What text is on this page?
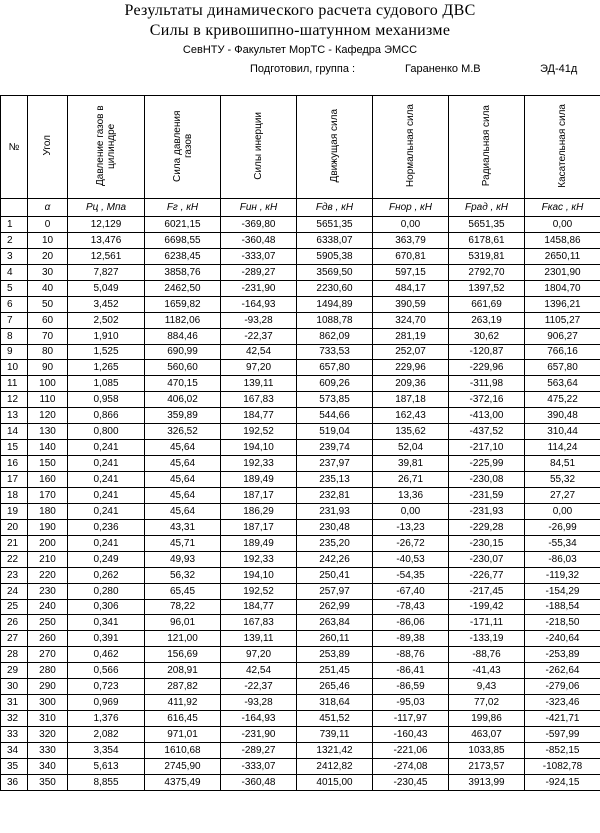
Результаты динамического расчета судового ДВС
Силы в кривошипно-шатунном механизме
СевНТУ - Факультет МорТС - Кафедра ЭМСС
Подготовил, группа :	Гараненко М.В	ЭД-41д
№	Угол	Давление газов в цилиндре	Сила давления газов	Силы инерции	Движущая сила	Нормальная сила	Радиальная сила	Касательная сила
	α	Pц , Мпа	Fг , кН	Fин , кН	Fдв , кН	Fнор , кН	Fрад , кН	Fкас , кН
1	0	12,129	6021,15	-369,80	5651,35	0,00	5651,35	0,00
2	10	13,476	6698,55	-360,48	6338,07	363,79	6178,61	1458,86
3	20	12,561	6238,45	-333,07	5905,38	670,81	5319,81	2650,11
4	30	7,827	3858,76	-289,27	3569,50	597,15	2792,70	2301,90
5	40	5,049	2462,50	-231,90	2230,60	484,17	1397,52	1804,70
6	50	3,452	1659,82	-164,93	1494,89	390,59	661,69	1396,21
7	60	2,502	1182,06	-93,28	1088,78	324,70	263,19	1105,27
8	70	1,910	884,46	-22,37	862,09	281,19	30,62	906,27
9	80	1,525	690,99	42,54	733,53	252,07	-120,87	766,16
10	90	1,265	560,60	97,20	657,80	229,96	-229,96	657,80
11	100	1,085	470,15	139,11	609,26	209,36	-311,98	563,64
12	110	0,958	406,02	167,83	573,85	187,18	-372,16	475,22
13	120	0,866	359,89	184,77	544,66	162,43	-413,00	390,48
14	130	0,800	326,52	192,52	519,04	135,62	-437,52	310,44
15	140	0,241	45,64	194,10	239,74	52,04	-217,10	114,24
16	150	0,241	45,64	192,33	237,97	39,81	-225,99	84,51
17	160	0,241	45,64	189,49	235,13	26,71	-230,08	55,32
18	170	0,241	45,64	187,17	232,81	13,36	-231,59	27,27
19	180	0,241	45,64	186,29	231,93	0,00	-231,93	0,00
20	190	0,236	43,31	187,17	230,48	-13,23	-229,28	-26,99
21	200	0,241	45,71	189,49	235,20	-26,72	-230,15	-55,34
22	210	0,249	49,93	192,33	242,26	-40,53	-230,07	-86,03
23	220	0,262	56,32	194,10	250,41	-54,35	-226,77	-119,32
24	230	0,280	65,45	192,52	257,97	-67,40	-217,45	-154,29
25	240	0,306	78,22	184,77	262,99	-78,43	-199,42	-188,54
26	250	0,341	96,01	167,83	263,84	-86,06	-171,11	-218,50
27	260	0,391	121,00	139,11	260,11	-89,38	-133,19	-240,64
28	270	0,462	156,69	97,20	253,89	-88,76	-88,76	-253,89
29	280	0,566	208,91	42,54	251,45	-86,41	-41,43	-262,64
30	290	0,723	287,82	-22,37	265,46	-86,59	9,43	-279,06
31	300	0,969	411,92	-93,28	318,64	-95,03	77,02	-323,46
32	310	1,376	616,45	-164,93	451,52	-117,97	199,86	-421,71
33	320	2,082	971,01	-231,90	739,11	-160,43	463,07	-597,99
34	330	3,354	1610,68	-289,27	1321,42	-221,06	1033,85	-852,15
35	340	5,613	2745,90	-333,07	2412,82	-274,08	2173,57	-1082,78
36	350	8,855	4375,49	-360,48	4015,00	-230,45	3913,99	-924,15
